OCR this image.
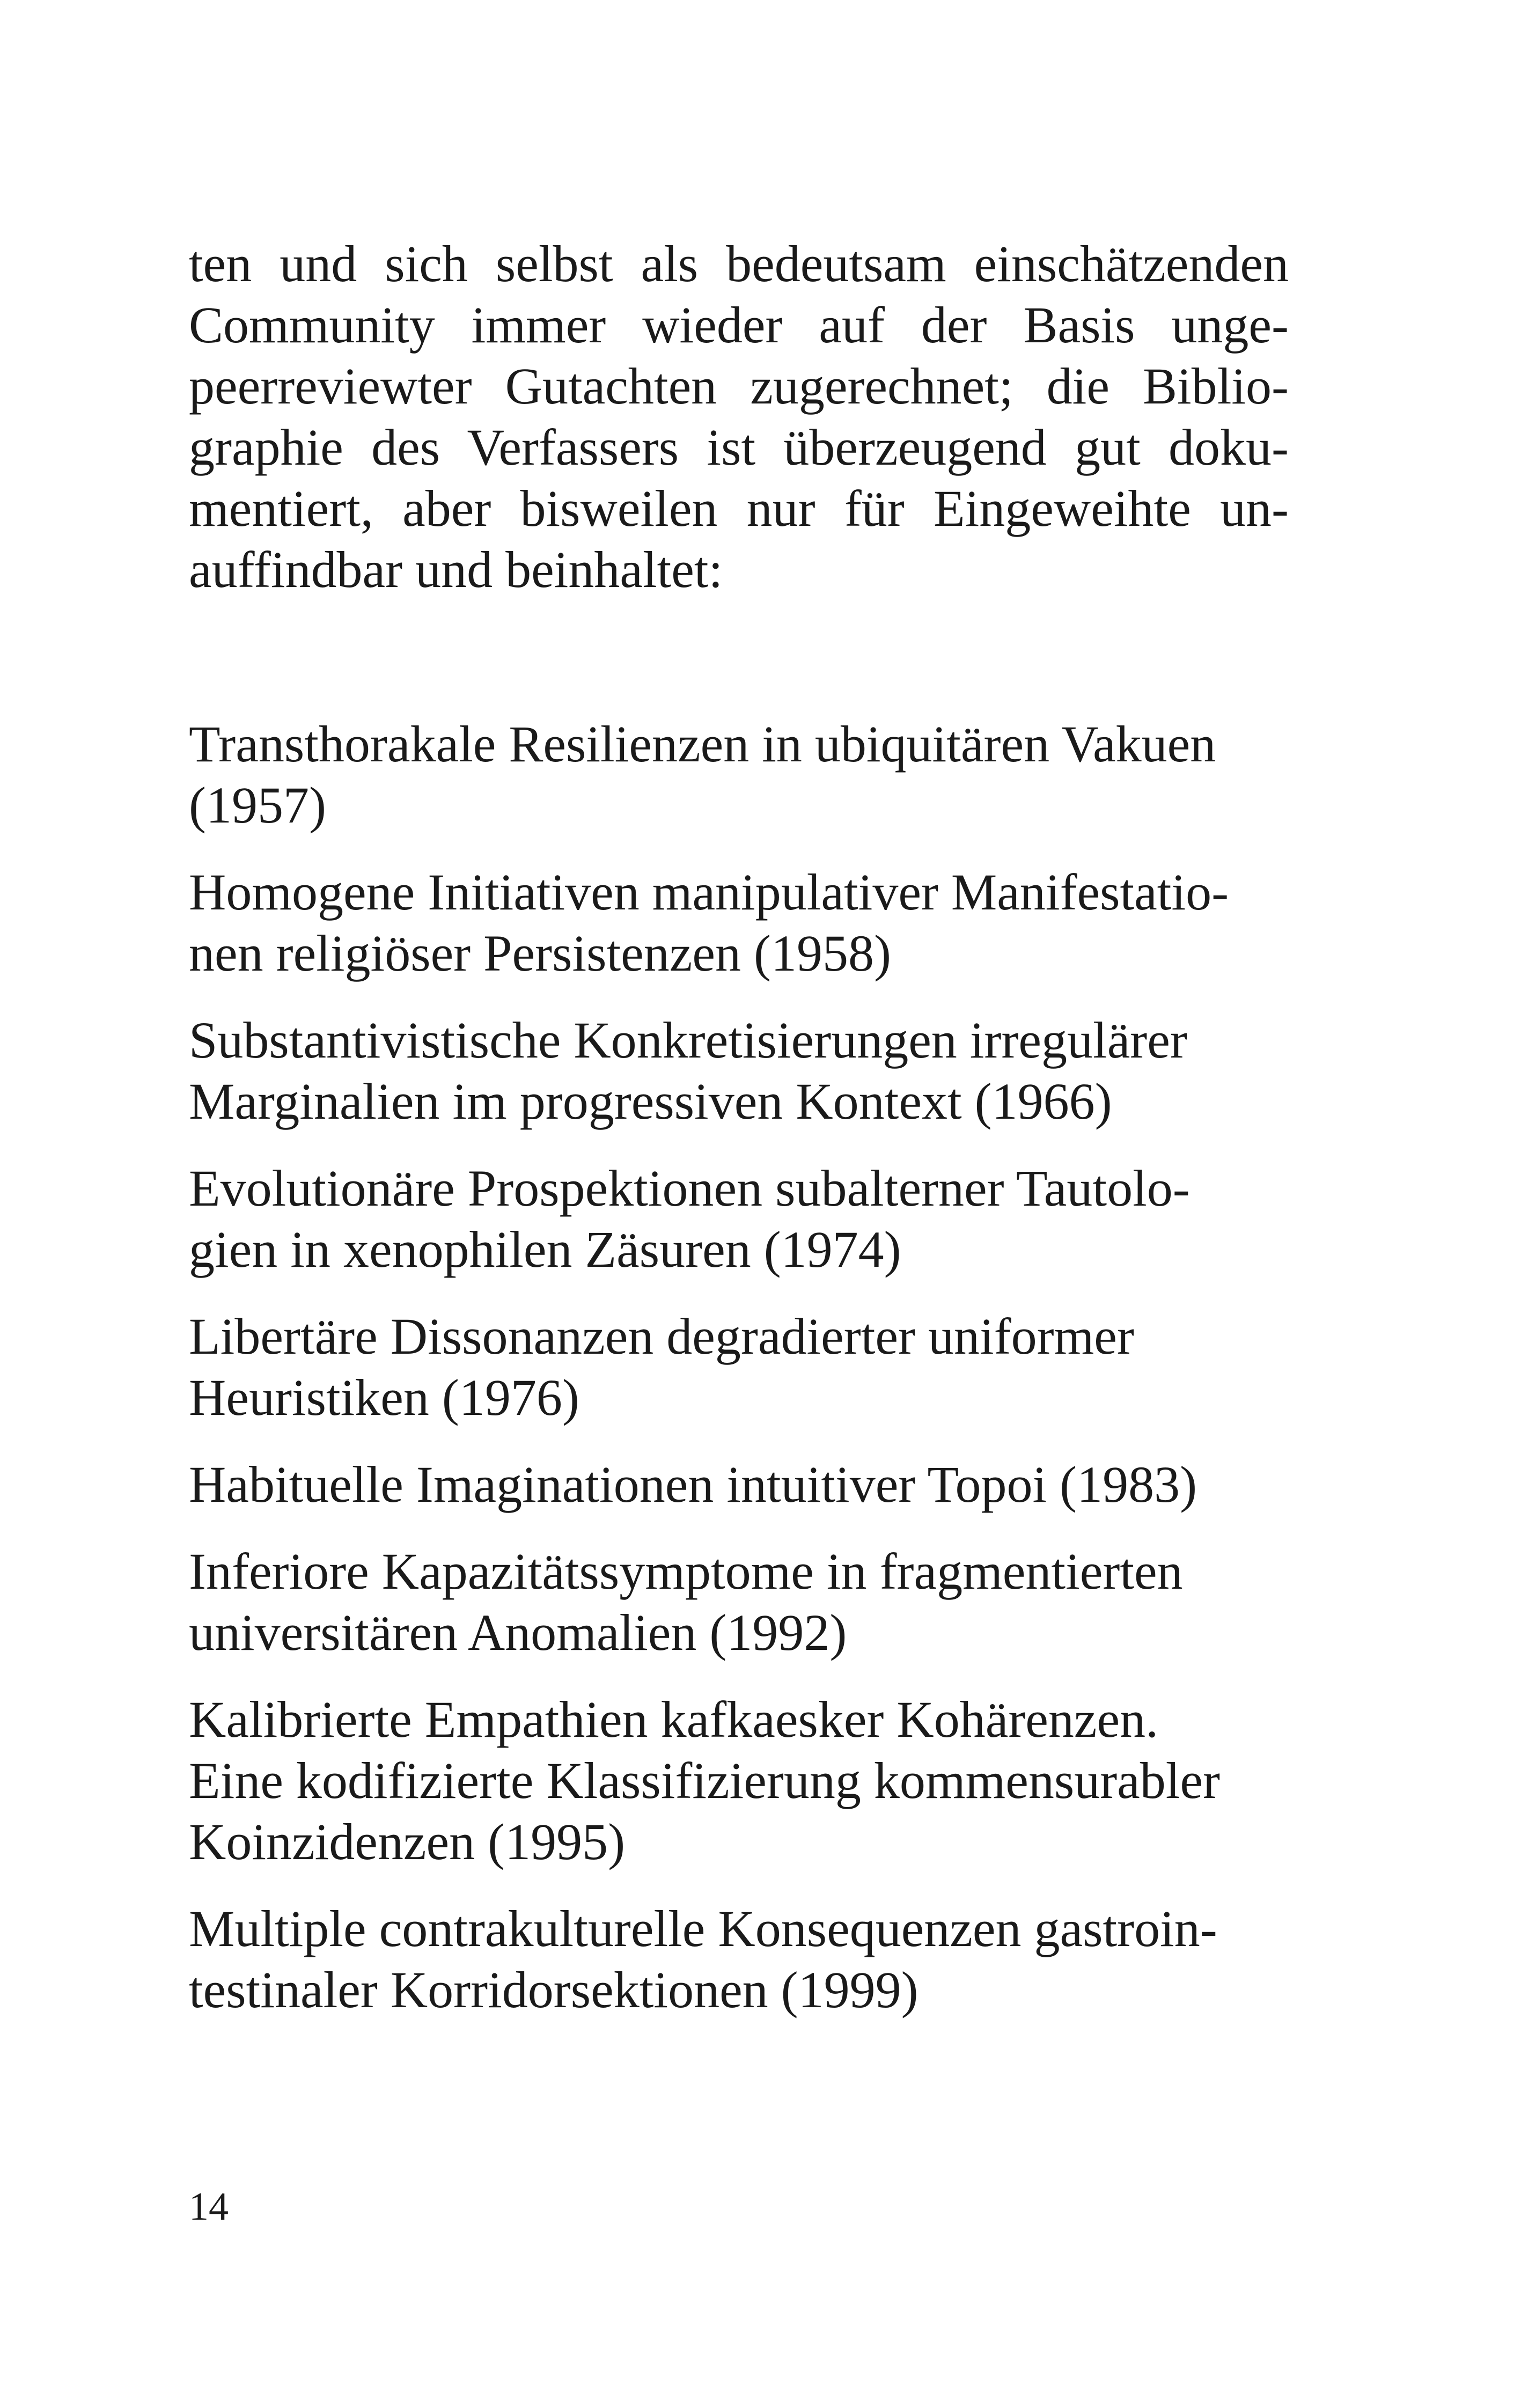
ten und sich selbst als bedeutsam einschätzenden
Community immer wieder auf der Basis unge-
peerreviewter Gutachten zugerechnet; die Biblio-
graphie des Verfassers ist überzeugend gut doku-
mentiert, aber bisweilen nur für Eingeweihte un-
auffindbar und beinhaltet:
Transthorakale Resilienzen in ubiquitären Vakuen
(1957)
Homogene Initiativen manipulativer Manifestatio-
nen religiöser Persistenzen (1958)
Substantivistische Konkretisierungen irregulärer
Marginalien im progressiven Kontext (1966)
Evolutionäre Prospektionen subalterner Tautolo-
gien in xenophilen Zäsuren (1974)
Libertäre Dissonanzen degradierter uniformer
Heuristiken (1976)
Habituelle Imaginationen intuitiver Topoi (1983)
Inferiore Kapazitätssymptome in fragmentierten
universitären Anomalien (1992)
Kalibrierte Empathien kafkaesker Kohärenzen.
Eine kodifizierte Klassifizierung kommensurabler
Koinzidenzen (1995)
Multiple contrakulturelle Konsequenzen gastroin-
testinaler Korridorsektionen (1999)
14
